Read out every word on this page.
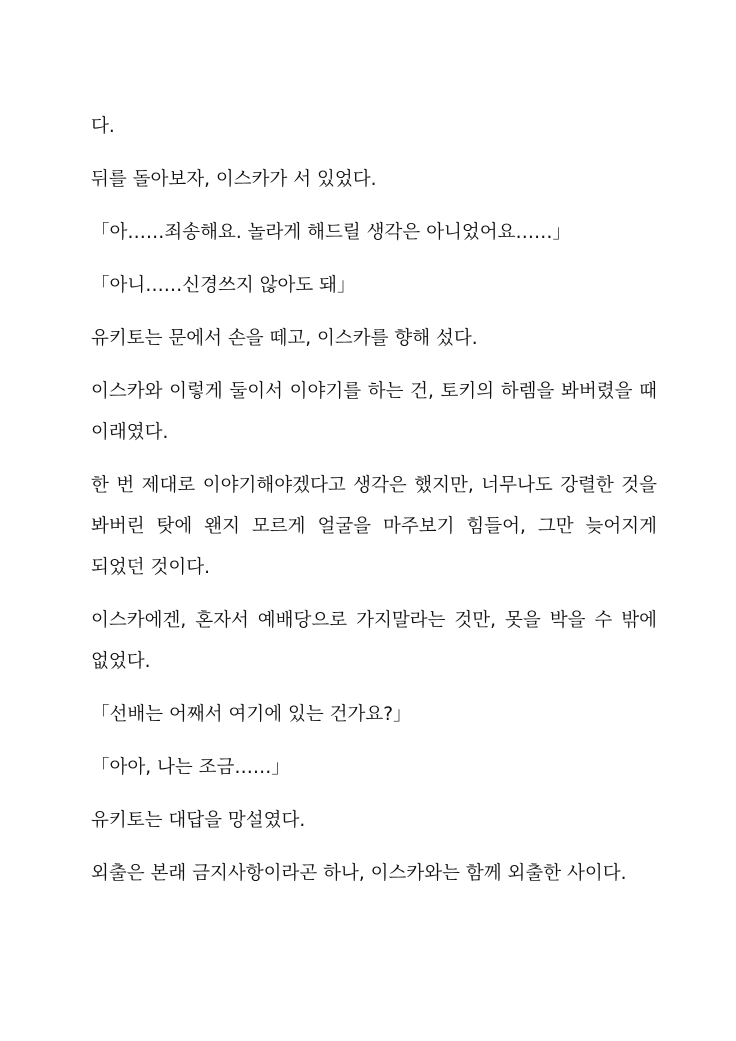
다.

뒤를 돌아보자, 이스카가 서 있었다.

「아……죄송해요. 놀라게 해드릴 생각은 아니었어요……」

「아니……신경쓰지 않아도 돼」

유키토는 문에서 손을 떼고, 이스카를 향해 섰다.

이스카와 이렇게 둘이서 이야기를 하는 건, 토키의 하렘을 봐버렸을 때 이래였다.

한 번 제대로 이야기해야겠다고 생각은 했지만, 너무나도 강렬한 것을 봐버린 탓에 왠지 모르게 얼굴을 마주보기 힘들어, 그만 늦어지게 되었던 것이다.

이스카에겐, 혼자서 예배당으로 가지말라는 것만, 못을 박을 수 밖에 없었다.

「선배는 어째서 여기에 있는 건가요?」

「아아, 나는 조금……」

유키토는 대답을 망설였다.

외출은 본래 금지사항이라곤 하나, 이스카와는 함께 외출한 사이다.
